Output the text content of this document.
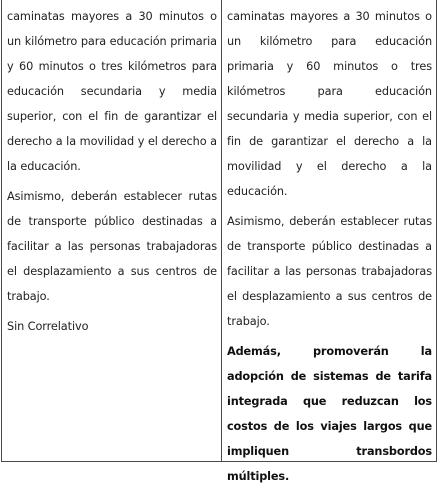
caminatas mayores a 30 minutos o un kilómetro para educación primaria y 60 minutos o tres kilómetros para educación secundaria y media superior, con el fin de garantizar el derecho a la movilidad y el derecho a la educación.

Asimismo, deberán establecer rutas de transporte público destinadas a facilitar a las personas trabajadoras el desplazamiento a sus centros de trabajo.

Sin Correlativo

caminatas mayores a 30 minutos o un kilómetro para educación primaria y 60 minutos o tres kilómetros para educación secundaria y media superior, con el fin de garantizar el derecho a la movilidad y el derecho a la educación.

Asimismo, deberán establecer rutas de transporte público destinadas a facilitar a las personas trabajadoras el desplazamiento a sus centros de trabajo.

Además, promoverán la adopción de sistemas de tarifa integrada que reduzcan los costos de los viajes largos que impliquen transbordos múltiples.
